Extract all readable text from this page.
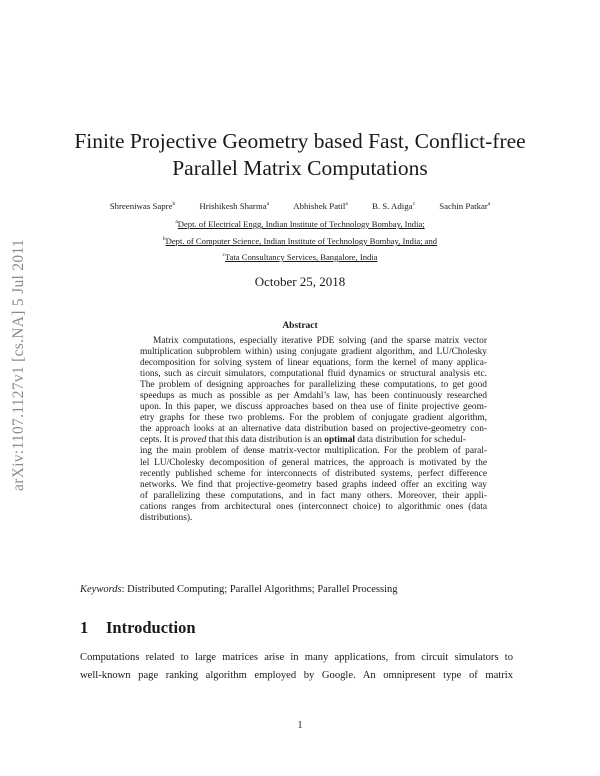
arXiv:1107.1127v1 [cs.NA] 5 Jul 2011
Finite Projective Geometry based Fast, Conflict-free
Parallel Matrix Computations
Shreeniwas Sapre$^b$	Hrishikesh Sharma$^a$	Abhishek Patil$^a$	B. S. Adiga$^c$	Sachin Patkar$^a$
$^a$Dept. of Electrical Engg, Indian Institute of Technology Bombay, India;
$^b$Dept. of Computer Science, Indian Institute of Technology Bombay, India; and
$^c$Tata Consultancy Services, Bangalore, India
October 25, 2018
Abstract
Matrix computations, especially iterative PDE solving (and the sparse matrix vector
multiplication subproblem within) using conjugate gradient algorithm, and LU/Cholesky
decomposition for solving system of linear equations, form the kernel of many applica-
tions, such as circuit simulators, computational fluid dynamics or structural analysis etc.
The problem of designing approaches for parallelizing these computations, to get good
speedups as much as possible as per Amdahl’s law, has been continuously researched
upon. In this paper, we discuss approaches based on thea use of finite projective geom-
etry graphs for these two problems. For the problem of conjugate gradient algorithm,
the approach looks at an alternative data distribution based on projective-geometry con-
cepts. It is proved that this data distribution is an optimal data distribution for schedul-
ing the main problem of dense matrix-vector multiplication. For the problem of paral-
lel LU/Cholesky decomposition of general matrices, the approach is motivated by the
recently published scheme for interconnects of distributed systems, perfect difference
networks. We find that projective-geometry based graphs indeed offer an exciting way
of parallelizing these computations, and in fact many others. Moreover, their appli-
cations ranges from architectural ones (interconnect choice) to algorithmic ones (data
distributions).
Keywords: Distributed Computing; Parallel Algorithms; Parallel Processing
1 Introduction
Computations related to large matrices arise in many applications, from circuit simulators to
well-known page ranking algorithm employed by Google. An omnipresent type of matrix
1
